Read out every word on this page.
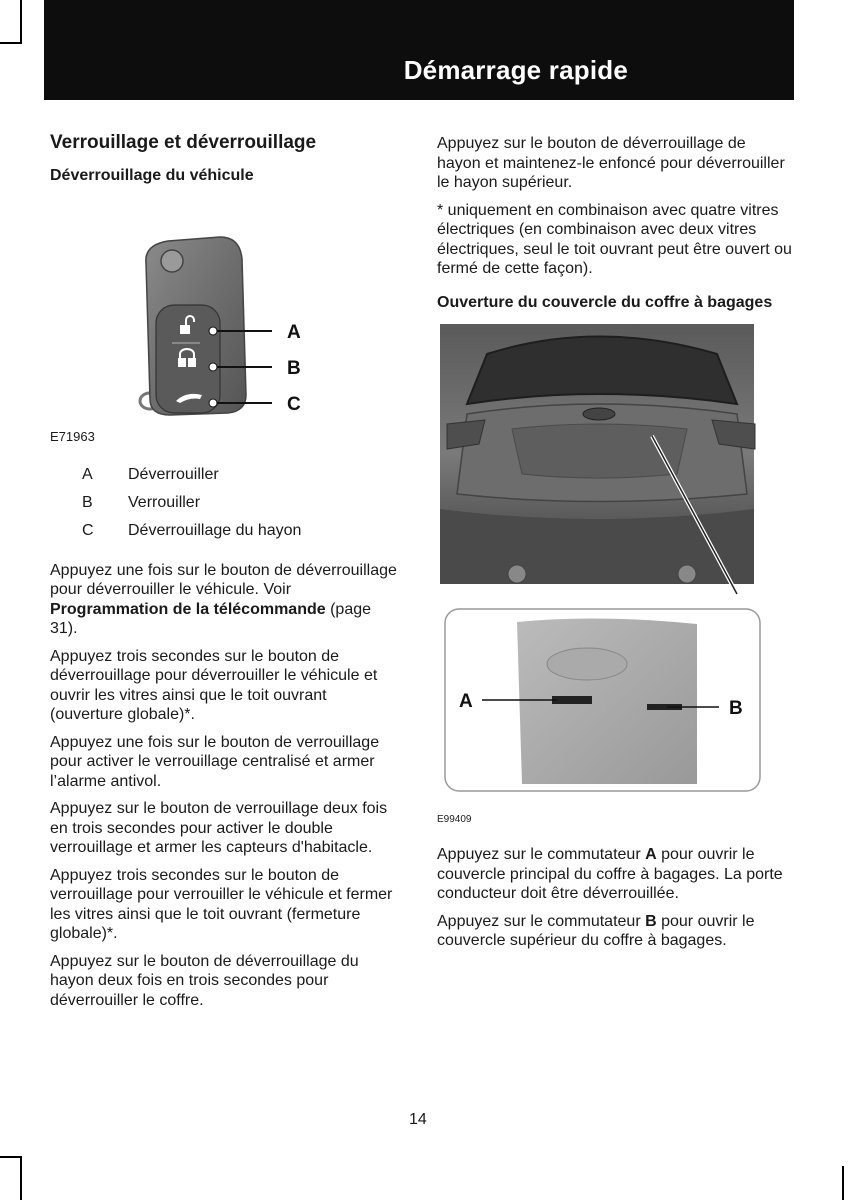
Démarrage rapide
Verrouillage et déverrouillage
Déverrouillage du véhicule
A
B
C
E71963
A	Déverrouiller
B	Verrouiller
C	Déverrouillage du hayon

Appuyez une fois sur le bouton de déverrouillage pour déverrouiller le véhicule. Voir Programmation de la télécommande (page 31).

Appuyez trois secondes sur le bouton de déverrouillage pour déverrouiller le véhicule et ouvrir les vitres ainsi que le toit ouvrant (ouverture globale)*.

Appuyez une fois sur le bouton de verrouillage pour activer le verrouillage centralisé et armer l’alarme antivol.

Appuyez sur le bouton de verrouillage deux fois en trois secondes pour activer le double verrouillage et armer les capteurs d'habitacle.

Appuyez trois secondes sur le bouton de verrouillage pour verrouiller le véhicule et fermer les vitres ainsi que le toit ouvrant (fermeture globale)*.

Appuyez sur le bouton de déverrouillage du hayon deux fois en trois secondes pour déverrouiller le coffre.

Appuyez sur le bouton de déverrouillage de hayon et maintenez-le enfoncé pour déverrouiller le hayon supérieur.

* uniquement en combinaison avec quatre vitres électriques (en combinaison avec deux vitres électriques, seul le toit ouvrant peut être ouvert ou fermé de cette façon).

Ouverture du couvercle du coffre à bagages
A	B
E99409

Appuyez sur le commutateur A pour ouvrir le couvercle principal du coffre à bagages. La porte conducteur doit être déverrouillée.

Appuyez sur le commutateur B pour ouvrir le couvercle supérieur du coffre à bagages.

14
